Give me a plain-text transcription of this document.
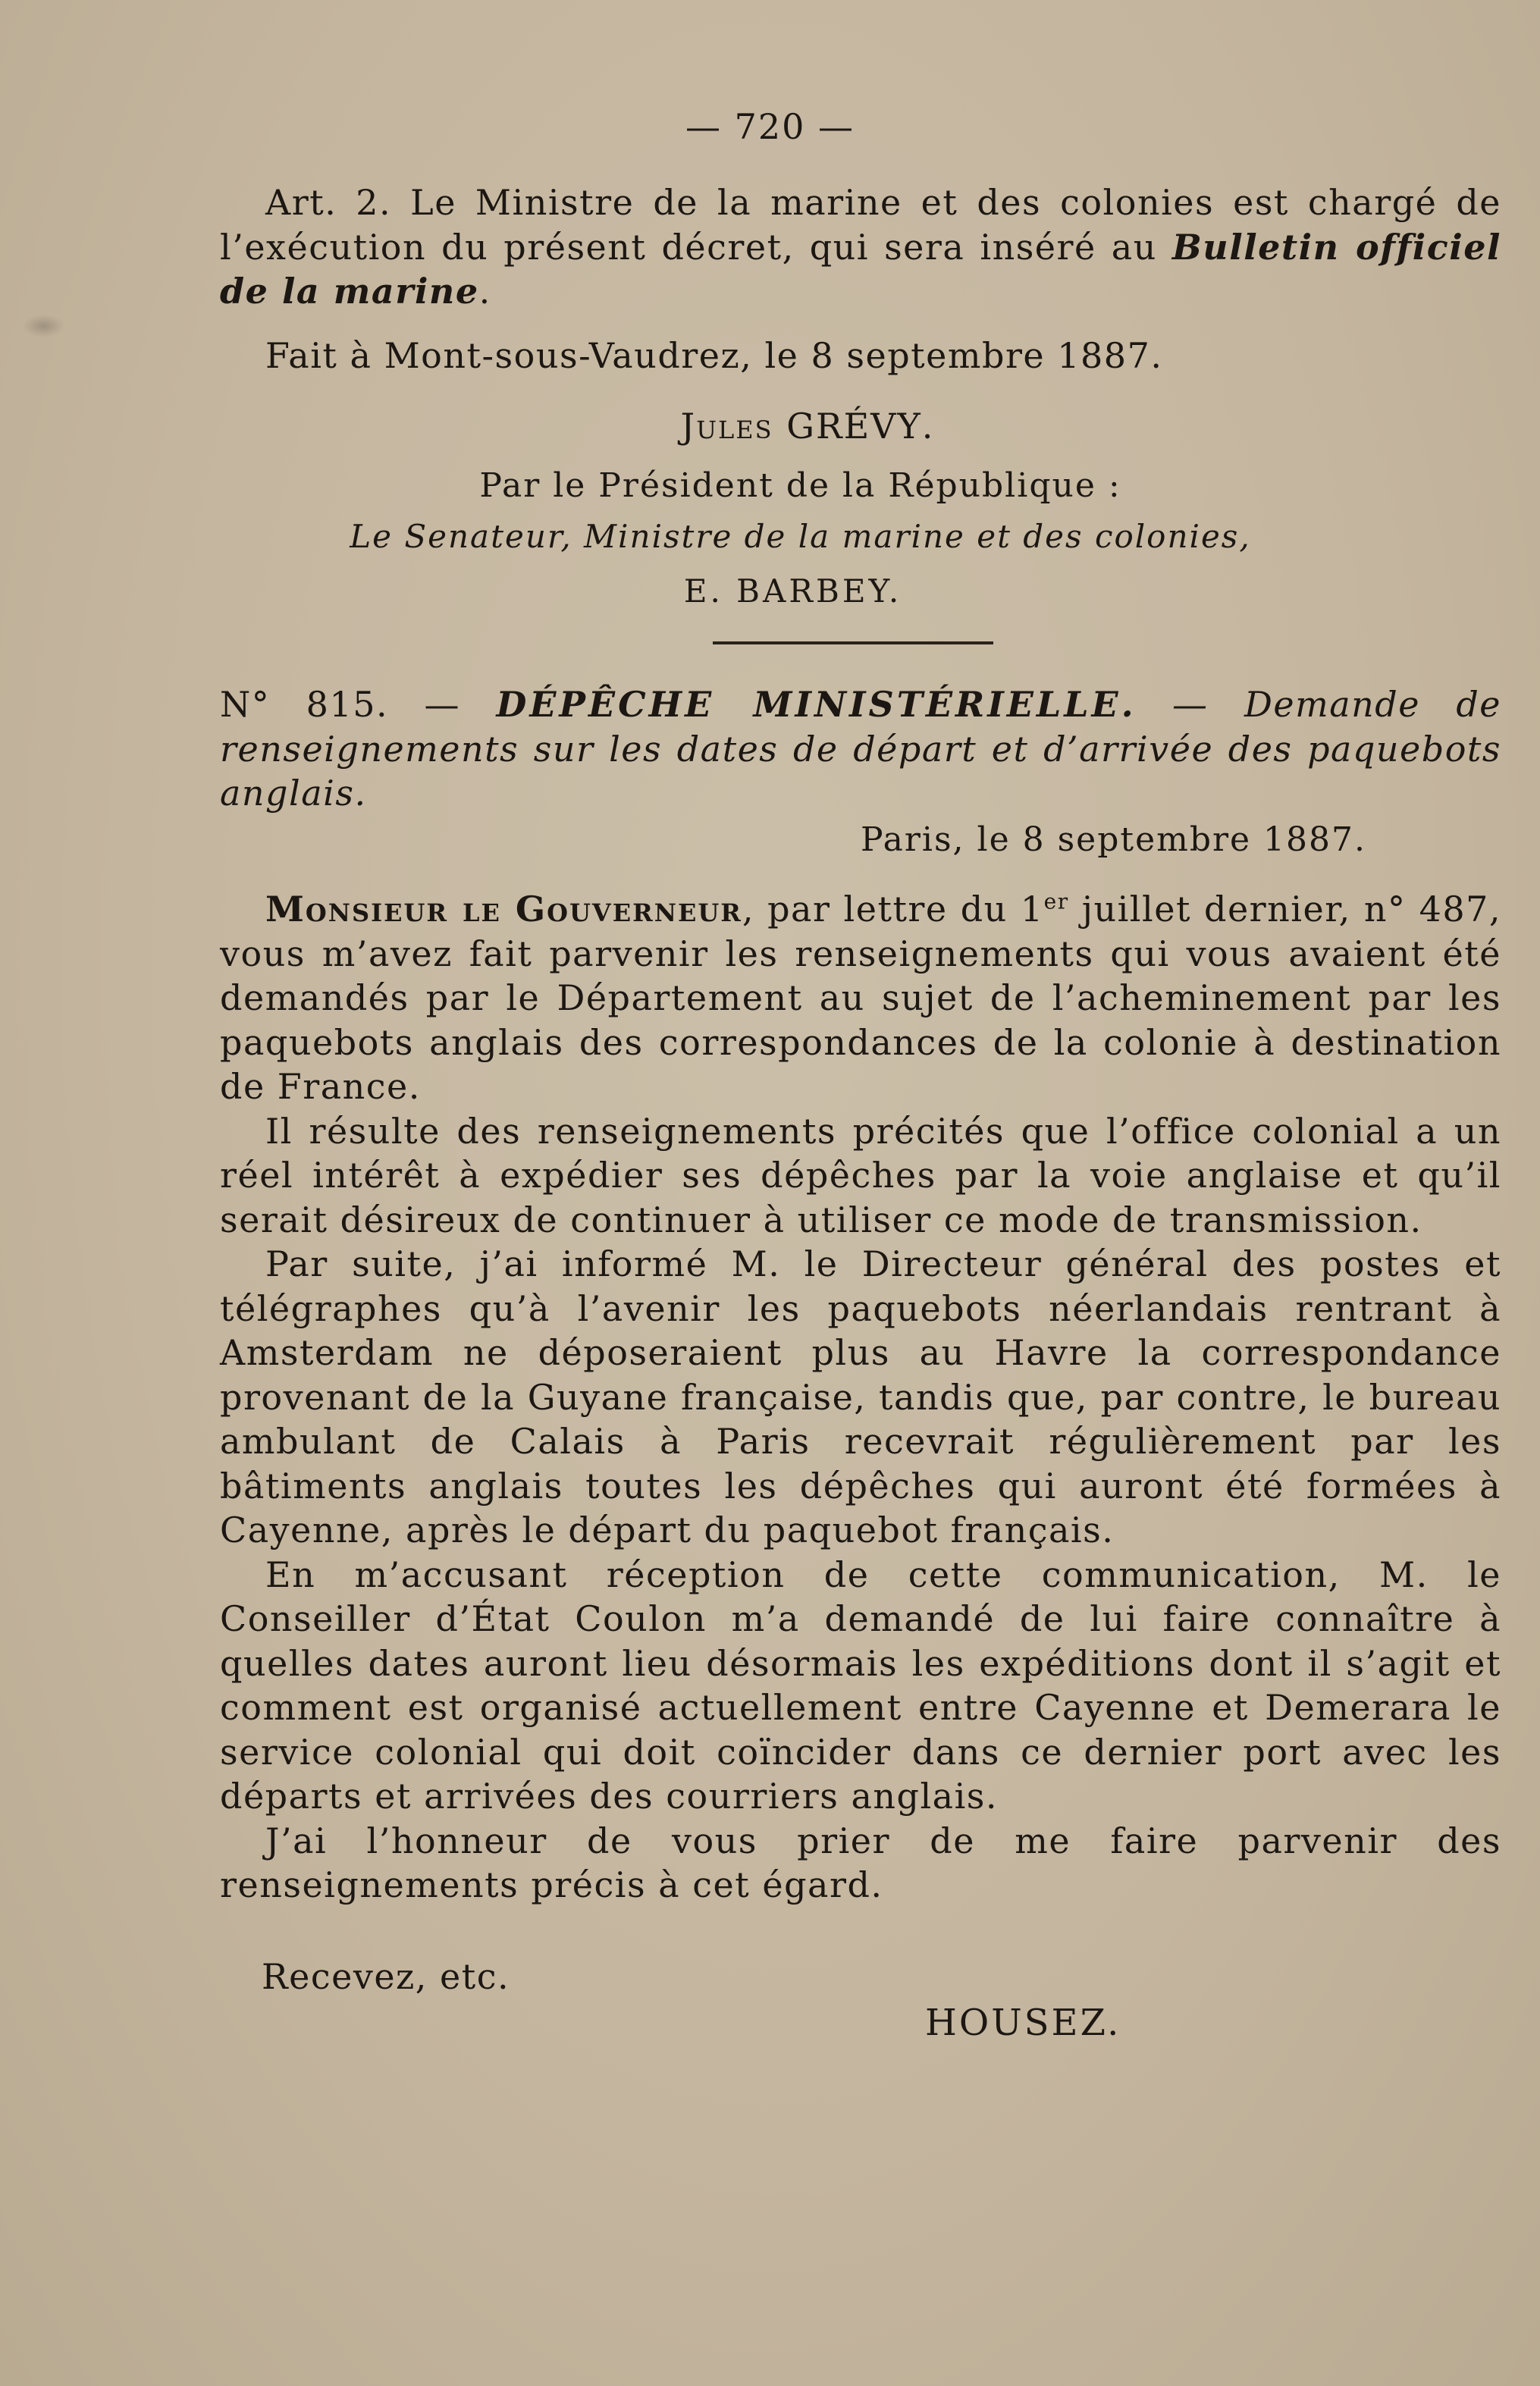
— 720 —

Art. 2. Le Ministre de la marine et des colonies est chargé de l’exécution du présent décret, qui sera inséré au Bulletin officiel de la marine.

Fait à Mont-sous-Vaudrez, le 8 septembre 1887.

Jules GRÉVY.
Par le Président de la République :
Le Senateur, Ministre de la marine et des colonies,
E. BARBEY.

N° 815. — DÉPÊCHE MINISTÉRIELLE. — Demande de renseignements sur les dates de départ et d’arrivée des paquebots anglais.

Paris, le 8 septembre 1887.

Monsieur le Gouverneur, par lettre du 1er juillet dernier, n° 487, vous m’avez fait parvenir les renseignements qui vous avaient été demandés par le Département au sujet de l’acheminement par les paquebots anglais des correspondances de la colonie à destination de France.

Il résulte des renseignements précités que l’office colonial a un réel intérêt à expédier ses dépêches par la voie anglaise et qu’il serait désireux de continuer à utiliser ce mode de transmission.

Par suite, j’ai informé M. le Directeur général des postes et télégraphes qu’à l’avenir les paquebots néerlandais rentrant à Amsterdam ne déposeraient plus au Havre la correspondance provenant de la Guyane française, tandis que, par contre, le bureau ambulant de Calais à Paris recevrait régulièrement par les bâtiments anglais toutes les dépêches qui auront été formées à Cayenne, après le départ du paquebot français.

En m’accusant réception de cette communication, M. le Conseiller d’État Coulon m’a demandé de lui faire connaître à quelles dates auront lieu désormais les expéditions dont il s’agit et comment est organisé actuellement entre Cayenne et Demerara le service colonial qui doit coïncider dans ce dernier port avec les départs et arrivées des courriers anglais.

J’ai l’honneur de vous prier de me faire parvenir des renseignements précis à cet égard.

Recevez, etc.
HOUSEZ.
